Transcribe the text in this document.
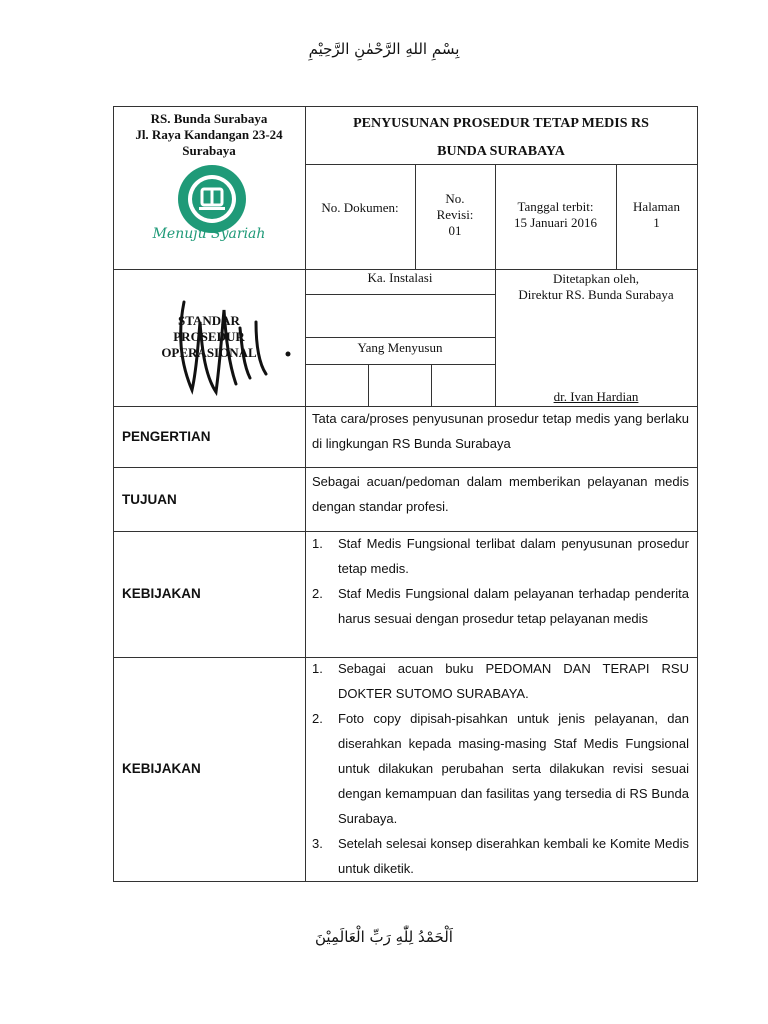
بِسْمِ اللهِ الرَّحْمٰنِ الرَّحِيْمِ
RS. Bunda Surabaya
Jl. Raya Kandangan 23-24
Surabaya
Menuju Syariah
PENYUSUNAN PROSEDUR TETAP MEDIS RS
BUNDA SURABAYA
No. Dokumen:
No.
Revisi:
01
Tanggal terbit:
15 Januari 2016
Halaman
1
STANDAR
PROSEDUR
OPERASIONAL
Ka. Instalasi
Yang Menyusun
Ditetapkan oleh,
Direktur RS. Bunda Surabaya
dr. Ivan Hardian
PENGERTIAN
Tata cara/proses penyusunan prosedur tetap medis yang berlaku di lingkungan RS Bunda Surabaya
TUJUAN
Sebagai acuan/pedoman dalam memberikan pelayanan medis dengan standar profesi.
KEBIJAKAN
1. Staf Medis Fungsional terlibat dalam penyusunan prosedur tetap medis.
2. Staf Medis Fungsional dalam pelayanan terhadap penderita harus sesuai dengan prosedur tetap pelayanan medis
KEBIJAKAN
1. Sebagai acuan buku PEDOMAN DAN TERAPI RSU DOKTER SUTOMO SURABAYA.
2. Foto copy dipisah-pisahkan untuk jenis pelayanan, dan diserahkan kepada masing-masing Staf Medis Fungsional untuk dilakukan perubahan serta dilakukan revisi sesuai dengan kemampuan dan fasilitas yang tersedia di RS Bunda Surabaya.
3. Setelah selesai konsep diserahkan kembali ke Komite Medis untuk diketik.
اَلْحَمْدُ لِلّٰهِ رَبِّ الْعَالَمِيْنَ
